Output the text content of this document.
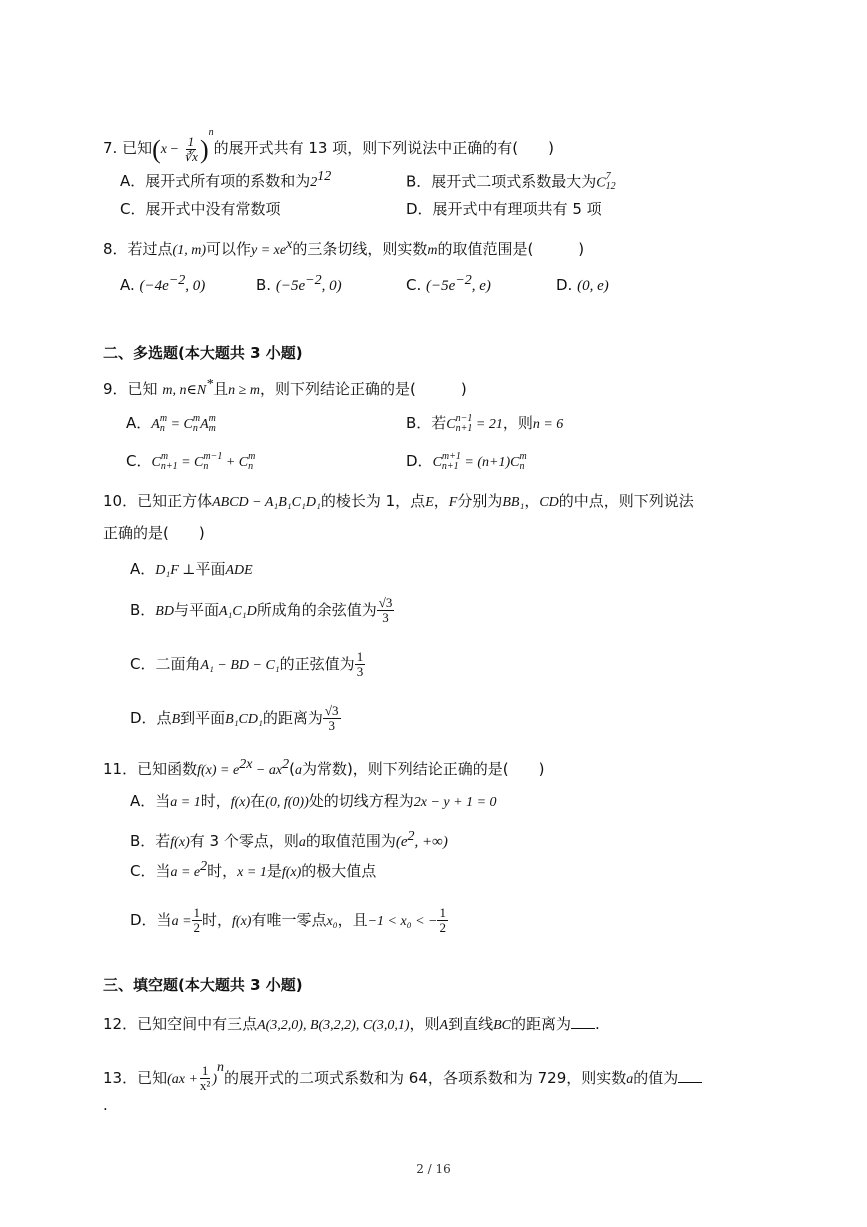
7. 已知$(x - \frac{1}{∛x} )^n$的展开式共有 13 项，则下列说法中正确的有(　　)
A．展开式所有项的系数和为$2^{12}$	B．展开式二项式系数最大为C 7
12
C．展开式中没有常数项	D．展开式中有理项共有 5 项
8．若过点(1, m)可以作$y = xe^x$的三条切线，则实数m的取值范围是(　　　)
A. ($-4e^{-2}$, 0)	B. ($-5e^{-2}$, 0)	C. ($-5e^{-2}$, e)	D. (0, e)
二、多选题(本大题共 3 小题)
9．已知 m, n∈N*且n ≥ m，则下列结论正确的是(　　　)
A．A m
n = C m
n A m
m	B．若C n−1
n+1 = 21，则n = 6
C．C m
n+1 = C m−1
n + C m
n	D．C m+1
n+1 = (n+1)C m
n
10．已知正方体ABCD − A₁B₁C₁D₁的棱长为 1，点E，F分别为BB₁，CD的中点，则下列说法
正确的是(　　)
A．D₁F ⊥平面ADE
B．BD与平面A₁C₁D所成角的余弦值为 $\frac{√3}{3}$
C．二面角A₁ − BD − C₁的正弦值为 $\frac{1}{3}$
D．点B到平面B₁CD₁的距离为 $\frac{√3}{3}$
11．已知函数$f(x) = e^{2x} - ax^2(a$为常数)，则下列结论正确的是(　　)
A．当a = 1时，f(x)在(0, f(0))处的切线方程为2x − y + 1 = 0
B．若f(x)有 3 个零点，则a的取值范围为($e^2$, +∞)
C．当$a = e^2$时，x = 1是f(x)的极大值点
D．当$a = \frac{1}{2}$ 时，f(x)有唯一零点x₀，且−1 < x₀ < − $\frac{1}{2}$
三、填空题(本大题共 3 小题)
12．已知空间中有三点A(3,2,0), B(3,2,2), C(3,0,1)，则A到直线BC的距离为 .
13．已知$(ax + \frac{1}{\text{x²}} )^n$的展开式的二项式系数和为 64，各项系数和为 729，则实数a的值为
.
2 / 16
